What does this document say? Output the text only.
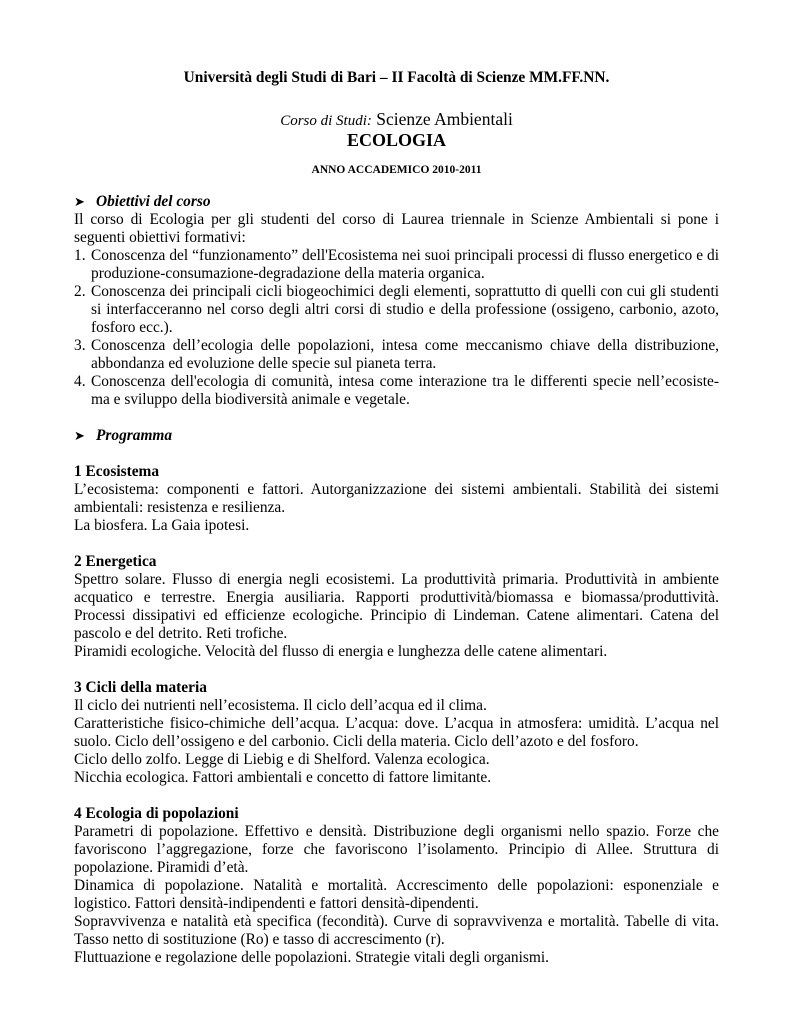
Università degli Studi di Bari – II Facoltà di Scienze MM.FF.NN.
Corso di Studi: Scienze Ambientali
ECOLOGIA
ANNO ACCADEMICO 2010-2011
➤ Obiettivi del corso

Il corso di Ecologia per gli studenti del corso di Laurea triennale in Scienze Ambientali si pone i seguenti obiettivi formativi:

1. Conoscenza del “funzionamento” dell'Ecosistema nei suoi principali processi di flusso energetico e di produzione-consumazione-degradazione della materia organica.
2. Conoscenza dei principali cicli biogeochimici degli elementi, soprattutto di quelli con cui gli studenti si interfacceranno nel corso degli altri corsi di studio e della professione (ossigeno, carbonio, azoto, fosforo ecc.).
3. Conoscenza dell’ecologia delle popolazioni, intesa come meccanismo chiave della distribuzione, abbondanza ed evoluzione delle specie sul pianeta terra.
4. Conoscenza dell'ecologia di comunità, intesa come interazione tra le differenti specie nell’ecosiste-ma e sviluppo della biodiversità animale e vegetale.
➤ Programma
1 Ecosistema

L’ecosistema: componenti e fattori. Autorganizzazione dei sistemi ambientali. Stabilità dei sistemi ambientali: resistenza e resilienza.

La biosfera. La Gaia ipotesi.

2 Energetica

Spettro solare. Flusso di energia negli ecosistemi. La produttività primaria. Produttività in ambiente acquatico e terrestre. Energia ausiliaria. Rapporti produttività/biomassa e biomassa/produttività. Processi dissipativi ed efficienze ecologiche. Principio di Lindeman. Catene alimentari. Catena del pascolo e del detrito. Reti trofiche.

Piramidi ecologiche. Velocità del flusso di energia e lunghezza delle catene alimentari.

3 Cicli della materia

Il ciclo dei nutrienti nell’ecosistema. Il ciclo dell’acqua ed il clima.

Caratteristiche fisico-chimiche dell’acqua. L’acqua: dove. L’acqua in atmosfera: umidità. L’acqua nel suolo. Ciclo dell’ossigeno e del carbonio. Cicli della materia. Ciclo dell’azoto e del fosforo.

Ciclo dello zolfo. Legge di Liebig e di Shelford. Valenza ecologica.

Nicchia ecologica. Fattori ambientali e concetto di fattore limitante.

4 Ecologia di popolazioni

Parametri di popolazione. Effettivo e densità. Distribuzione degli organismi nello spazio. Forze che favoriscono l’aggregazione, forze che favoriscono l’isolamento. Principio di Allee. Struttura di popolazione. Piramidi d’età.

Dinamica di popolazione. Natalità e mortalità. Accrescimento delle popolazioni: esponenziale e logistico. Fattori densità-indipendenti e fattori densità-dipendenti.

Sopravvivenza e natalità età specifica (fecondità). Curve di sopravvivenza e mortalità. Tabelle di vita. Tasso netto di sostituzione (Ro) e tasso di accrescimento (r).

Fluttuazione e regolazione delle popolazioni. Strategie vitali degli organismi.
